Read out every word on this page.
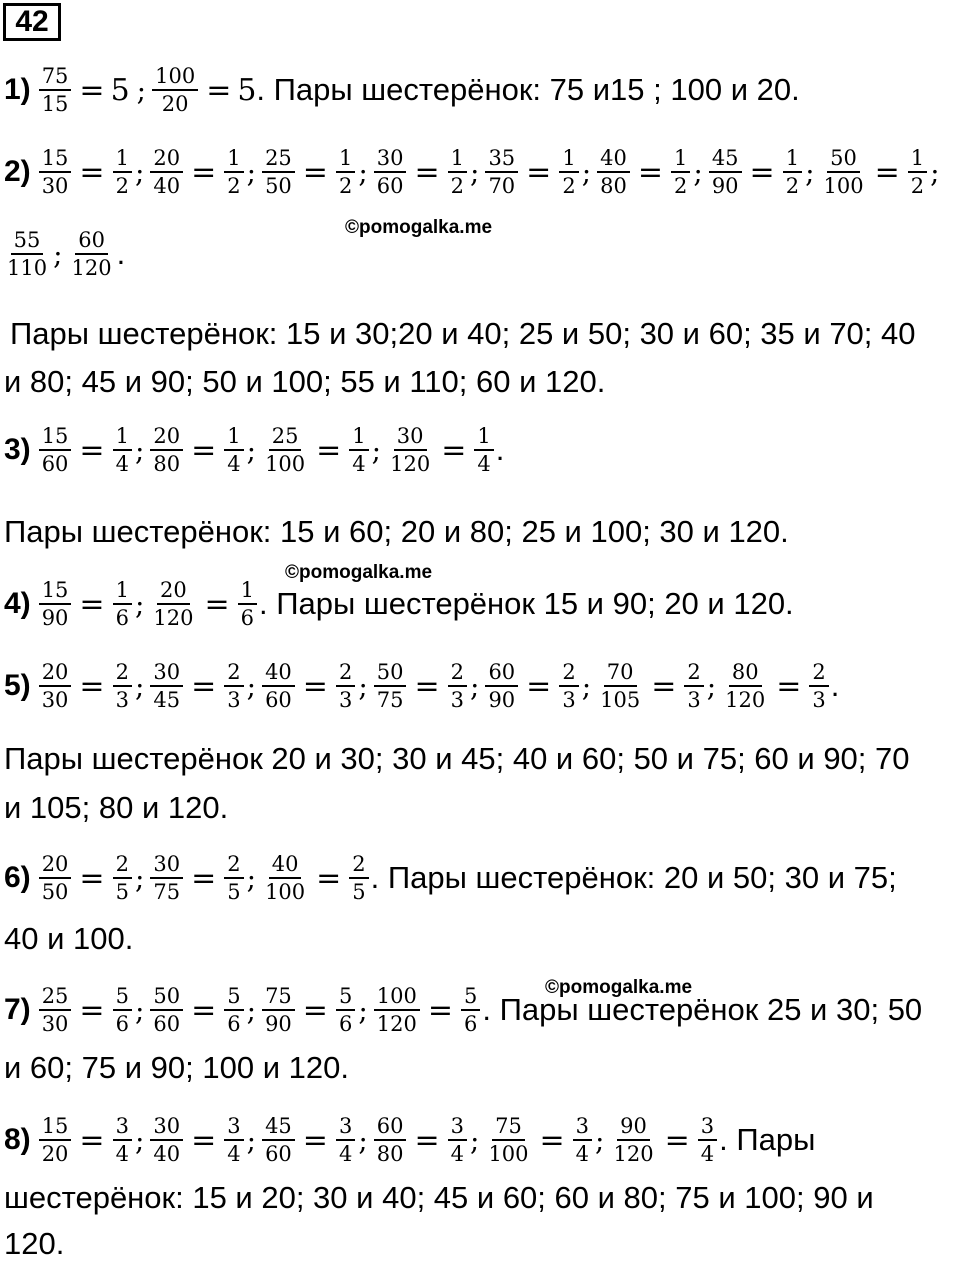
42
$1) \frac{75}{15} = 5$ ; $\frac{100}{20} = 5$ . Пары шестерёнок: 75 и15 ; 100 и 20.
$2) \frac{15}{30} = \frac{1}{2}$ ; $\frac{20}{40} = \frac{1}{2}$ ; $\frac{25}{50} = \frac{1}{2}$ ; $\frac{30}{60} = \frac{1}{2}$ ; $\frac{35}{70} = \frac{1}{2}$ ; $\frac{40}{80} = \frac{1}{2}$ ; $\frac{45}{90} = \frac{1}{2}$ ; $\frac{50}{100} = \frac{1}{2}$ ;
©pomogalka.me
$\frac{55}{110}$ ; $\frac{60}{120}$ .
Пары шестерёнок: 15 и 30;20 и 40; 25 и 50; 30 и 60; 35 и 70; 40
и 80; 45 и 90; 50 и 100; 55 и 110; 60 и 120.
$3) \frac{15}{60} = \frac{1}{4}$ ; $\frac{20}{80} = \frac{1}{4}$ ; $\frac{25}{100} = \frac{1}{4}$ ; $\frac{30}{120} = \frac{1}{4}$ .
Пары шестерёнок: 15 и 60; 20 и 80; 25 и 100; 30 и 120.
©pomogalka.me
$4) \frac{15}{90} = \frac{1}{6}$ ; $\frac{20}{120} = \frac{1}{6}$ . Пары шестерёнок 15 и 90; 20 и 120.
$5) \frac{20}{30} = \frac{2}{3}$ ; $\frac{30}{45} = \frac{2}{3}$ ; $\frac{40}{60} = \frac{2}{3}$ ; $\frac{50}{75} = \frac{2}{3}$ ; $\frac{60}{90} = \frac{2}{3}$ ; $\frac{70}{105} = \frac{2}{3}$ ; $\frac{80}{120} = \frac{2}{3}$ .
Пары шестерёнок 20 и 30; 30 и 45; 40 и 60; 50 и 75; 60 и 90; 70
и 105; 80 и 120.
$6) \frac{20}{50} = \frac{2}{5}$ ; $\frac{30}{75} = \frac{2}{5}$ ; $\frac{40}{100} = \frac{2}{5}$ . Пары шестерёнок: 20 и 50; 30 и 75;
40 и 100.
©pomogalka.me
$7) \frac{25}{30} = \frac{5}{6}$ ; $\frac{50}{60} = \frac{5}{6}$ ; $\frac{75}{90} = \frac{5}{6}$ ; $\frac{100}{120} = \frac{5}{6}$ . Пары шестерёнок 25 и 30; 50
и 60; 75 и 90; 100 и 120.
$8) \frac{15}{20} = \frac{3}{4}$ ; $\frac{30}{40} = \frac{3}{4}$ ; $\frac{45}{60} = \frac{3}{4}$ ; $\frac{60}{80} = \frac{3}{4}$ ; $\frac{75}{100} = \frac{3}{4}$ ; $\frac{90}{120} = \frac{3}{4}$ . Пары
шестерёнок: 15 и 20; 30 и 40; 45 и 60; 60 и 80; 75 и 100; 90 и
120.
